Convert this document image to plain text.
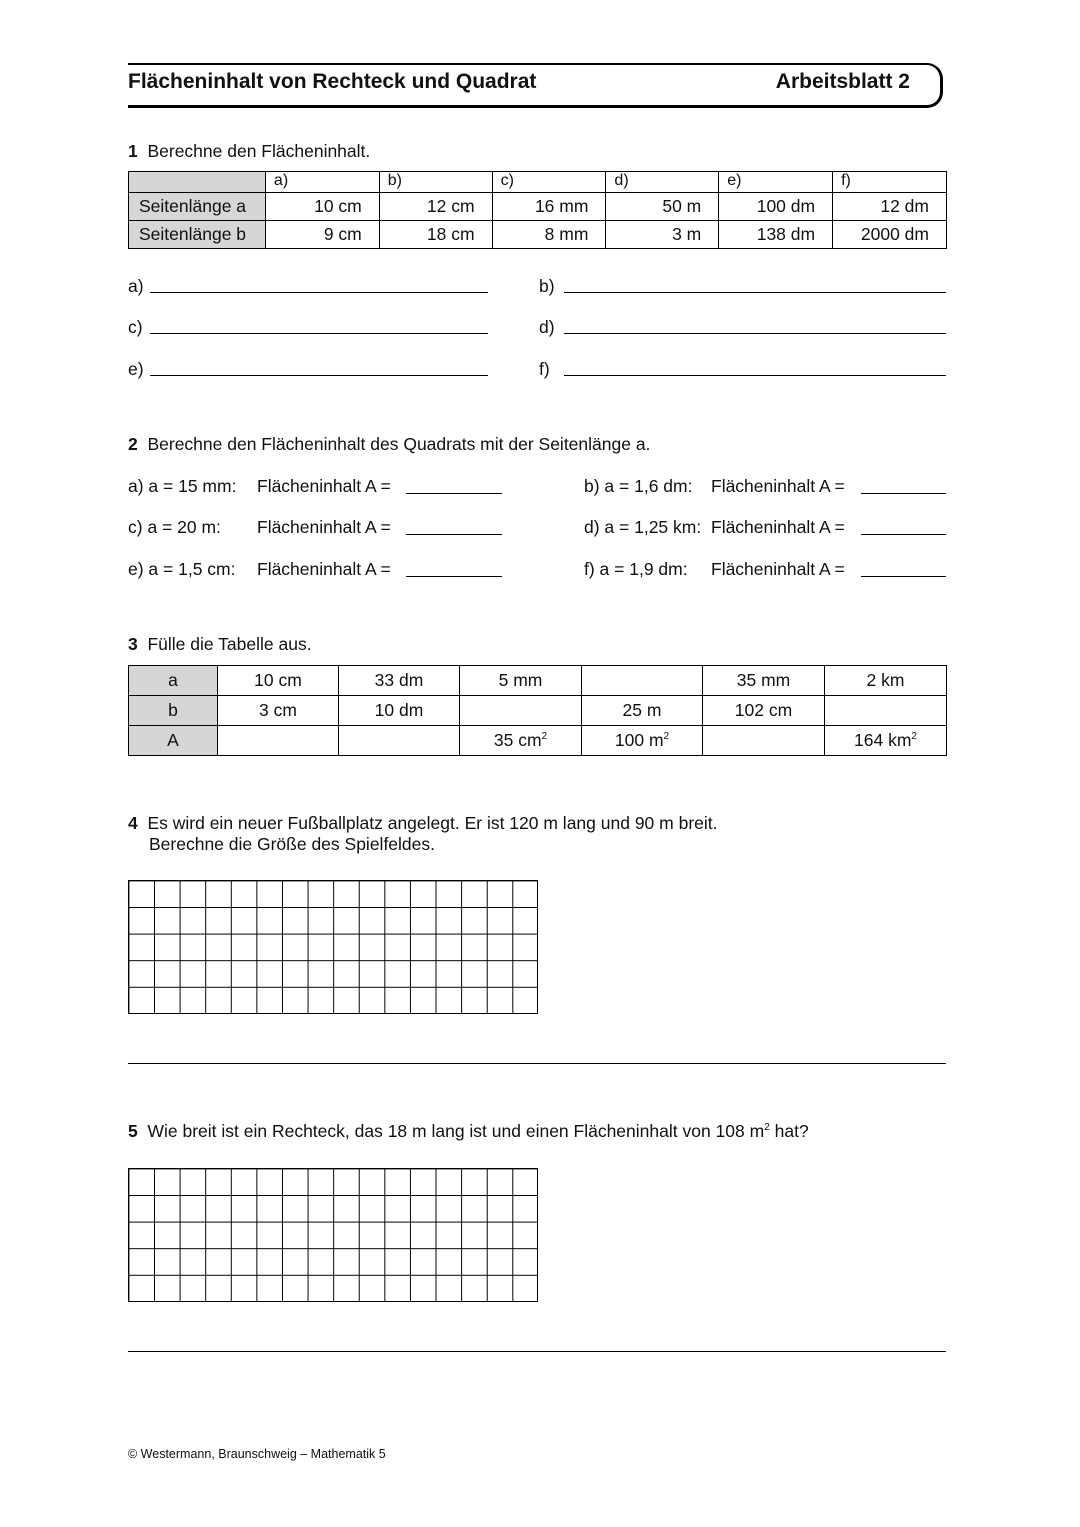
Flächeninhalt von Rechteck und Quadrat	Arbeitsblatt 2
1 Berechne den Flächeninhalt.
	a)	b)	c)	d)	e)	f)
Seitenlänge a	10 cm	12 cm	16 mm	50 m	100 dm	12 dm
Seitenlänge b	9 cm	18 cm	8 mm	3 m	138 dm	2000 dm
a)	b)
c)	d)
e)	f)
2 Berechne den Flächeninhalt des Quadrats mit der Seitenlänge a.
a) a = 15 mm: Flächeninhalt A =	b) a = 1,6 dm: Flächeninhalt A =
c) a = 20 m: Flächeninhalt A =	d) a = 1,25 km: Flächeninhalt A =
e) a = 1,5 cm: Flächeninhalt A =	f) a = 1,9 dm: Flächeninhalt A =
3 Fülle die Tabelle aus.
a	10 cm	33 dm	5 mm		35 mm	2 km
b	3 cm	10 dm		25 m	102 cm	
A			35 $cm^2$	100 $m^2$		164 $km^2$
4 Es wird ein neuer Fußballplatz angelegt. Er ist 120 m lang und 90 m breit.
Berechne die Größe des Spielfeldes.
5 Wie breit ist ein Rechteck, das 18 m lang ist und einen Flächeninhalt von 108 $m^2$ hat?
© Westermann, Braunschweig – Mathematik 5
